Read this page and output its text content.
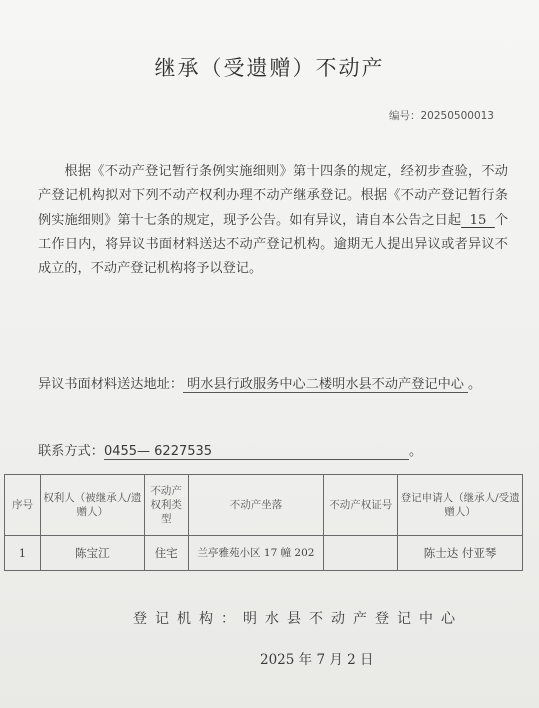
继承（受遗赠）不动产
编号：20250500013

根据《不动产登记暂行条例实施细则》第十四条的规定，经初步查验，不动产登记机构拟对下列不动产权利办理不动产继承登记。根据《不动产登记暂行条例实施细则》第十七条的规定，现予公告。如有异议，请自本公告之日起 15 个工作日内，将异议书面材料送达不动产登记机构。逾期无人提出异议或者异议不成立的，不动产登记机构将予以登记。

异议书面材料送达地址： 明水县行政服务中心二楼明水县不动产登记中心 。
联系方式：0455— 6227535	。
序号	权利人（被继承人/遗赠人）	不动产权利类型	不动产坐落	不动产权证号	登记申请人（继承人/受遗赠人）
1	陈宝江	住宅	兰亭雅苑小区 17 幢 202		陈士达 付亚琴
登记机构：明水县不动产登记中心
2025 年 7 月 2 日
